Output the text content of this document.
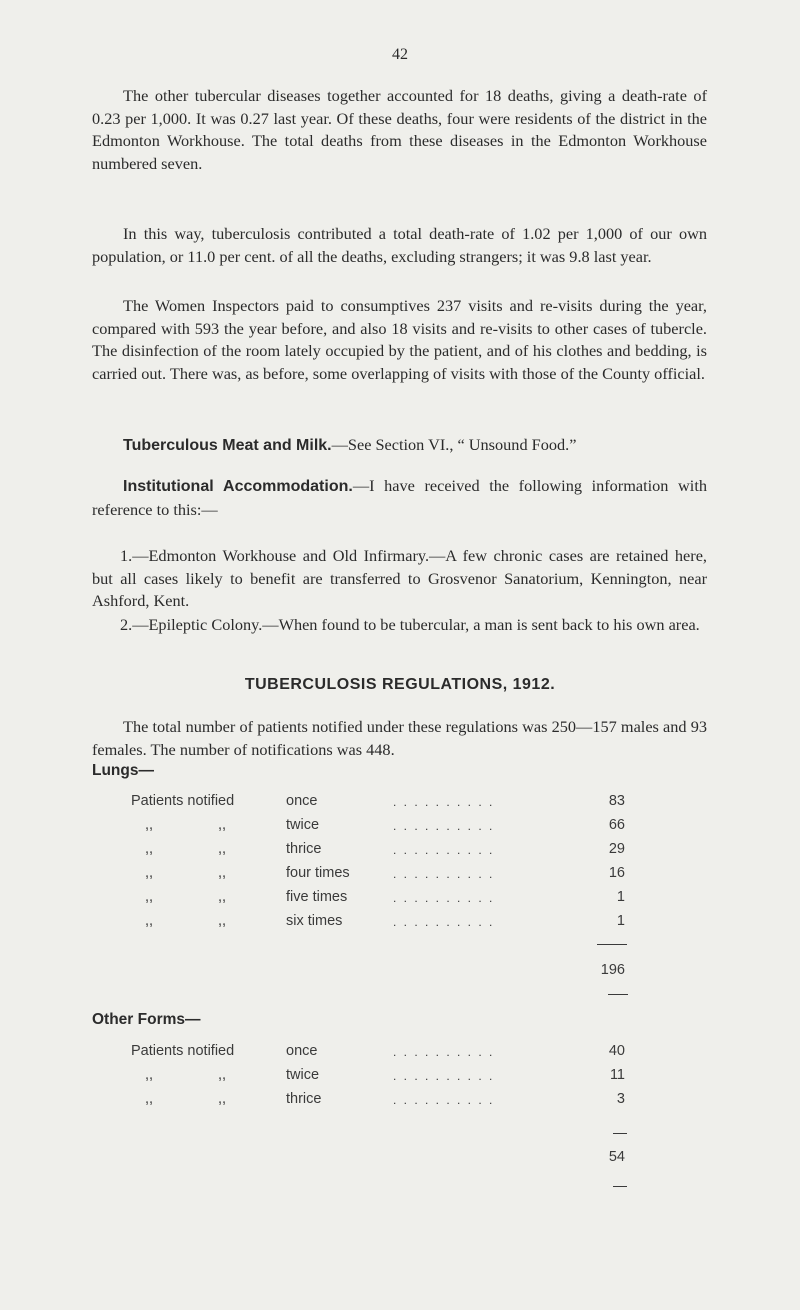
42
The other tubercular diseases together accounted for 18 deaths, giving a death-rate of 0.23 per 1,000. It was 0.27 last year. Of these deaths, four were residents of the district in the Edmonton Workhouse. The total deaths from these diseases in the Edmonton Workhouse numbered seven.
In this way, tuberculosis contributed a total death-rate of 1.02 per 1,000 of our own population, or 11.0 per cent. of all the deaths, excluding strangers; it was 9.8 last year.
The Women Inspectors paid to consumptives 237 visits and re-visits during the year, compared with 593 the year before, and also 18 visits and re-visits to other cases of tubercle. The disinfection of the room lately occupied by the patient, and of his clothes and bedding, is carried out. There was, as before, some overlapping of visits with those of the County official.
Tuberculous Meat and Milk.—See Section VI., “ Unsound Food.”
Institutional Accommodation.—I have received the following information with reference to this:—
1.—Edmonton Workhouse and Old Infirmary.—A few chronic cases are retained here, but all cases likely to benefit are transferred to Grosvenor Sanatorium, Kennington, near Ashford, Kent.
2.—Epileptic Colony.—When found to be tubercular, a man is sent back to his own area.
TUBERCULOSIS REGULATIONS, 1912.
The total number of patients notified under these regulations was 250—157 males and 93 females. The number of notifications was 448.
Lungs—
Patients notified	once	. . . . . . . . . .	83
,,	,,	twice	. . . . . . . . . .	66
,,	,,	thrice	. . . . . . . . . .	29
,,	,,	four times	. . . . . . . . . .	16
,,	,,	five times	. . . . . . . . . .	1
,,	,,	six times	. . . . . . . . . .	1
196
Other Forms—
Patients notified	once	. . . . . . . . . .	40
,,	,,	twice	. . . . . . . . . .	11
,,	,,	thrice	. . . . . . . . . .	3
54
